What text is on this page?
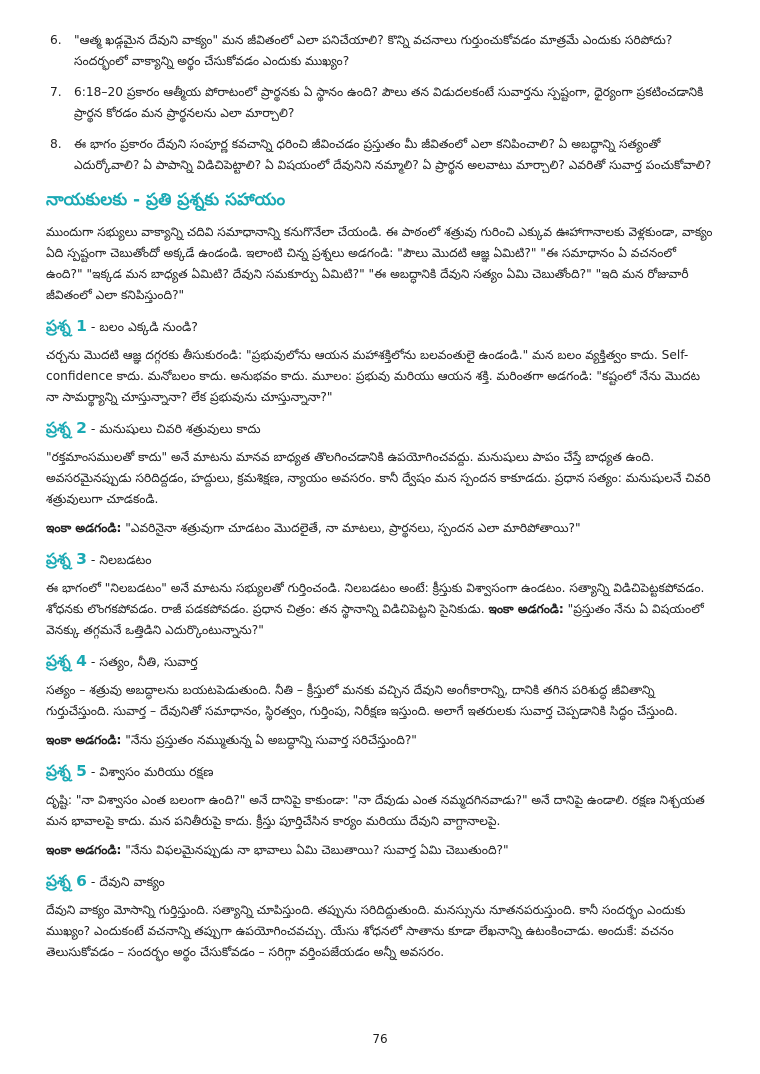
6. "ఆత్మ ఖడ్గమైన దేవుని వాక్యం" మన జీవితంలో ఎలా పనిచేయాలి? కొన్ని వచనాలు గుర్తుంచుకోవడం మాత్రమే ఎందుకు సరిపోదు? సందర్భంలో వాక్యాన్ని అర్థం చేసుకోవడం ఎందుకు ముఖ్యం?
7. 6:18–20 ప్రకారం ఆత్మీయ పోరాటంలో ప్రార్థనకు ఏ స్థానం ఉంది? పౌలు తన విడుదలకంటే సువార్తను స్పష్టంగా, ధైర్యంగా ప్రకటించడానికి ప్రార్థన కోరడం మన ప్రార్థనలను ఎలా మార్చాలి?
8. ఈ భాగం ప్రకారం దేవుని సంపూర్ణ కవచాన్ని ధరించి జీవించడం ప్రస్తుతం మీ జీవితంలో ఎలా కనిపించాలి? ఏ అబద్ధాన్ని సత్యంతో ఎదుర్కోవాలి? ఏ పాపాన్ని విడిచిపెట్టాలి? ఏ విషయంలో దేవునిని నమ్మాలి? ఏ ప్రార్థన అలవాటు మార్చాలి? ఎవరితో సువార్త పంచుకోవాలి?
నాయకులకు - ప్రతి ప్రశ్నకు సహాయం

ముందుగా సభ్యులు వాక్యాన్ని చదివి సమాధానాన్ని కనుగొనేలా చేయండి. ఈ పాఠంలో శత్రువు గురించి ఎక్కువ ఊహాగానాలకు వెళ్లకుండా, వాక్యం ఏది స్పష్టంగా చెబుతోందో అక్కడే ఉండండి. ఇలాంటి చిన్న ప్రశ్నలు అడగండి: "పౌలు మొదటి ఆజ్ఞ ఏమిటి?" "ఈ సమాధానం ఏ వచనంలో ఉంది?" "ఇక్కడ మన బాధ్యత ఏమిటి? దేవుని సమకూర్పు ఏమిటి?" "ఈ అబద్ధానికి దేవుని సత్యం ఏమి చెబుతోంది?" "ఇది మన రోజువారీ జీవితంలో ఎలా కనిపిస్తుంది?"

ప్రశ్న 1 - బలం ఎక్కడి నుండి?

చర్చను మొదటి ఆజ్ఞ దగ్గరకు తీసుకురండి: "ప్రభువులోను ఆయన మహాశక్తిలోను బలవంతులై ఉండండి." మన బలం వ్యక్తిత్వం కాదు. Self-confidence కాదు. మనోబలం కాదు. అనుభవం కాదు. మూలం: ప్రభువు మరియు ఆయన శక్తి. మరింతగా అడగండి: "కష్టంలో నేను మొదట నా సామర్థ్యాన్ని చూస్తున్నానా? లేక ప్రభువును చూస్తున్నానా?"

ప్రశ్న 2 - మనుషులు చివరి శత్రువులు కాదు

"రక్తమాంసములతో కాదు" అనే మాటను మానవ బాధ్యత తొలగించడానికి ఉపయోగించవద్దు. మనుషులు పాపం చేస్తే బాధ్యత ఉంది. అవసరమైనప్పుడు సరిదిద్దడం, హద్దులు, క్రమశిక్షణ, న్యాయం అవసరం. కానీ ద్వేషం మన స్పందన కాకూడదు. ప్రధాన సత్యం: మనుషులనే చివరి శత్రువులుగా చూడకండి.

ఇంకా అడగండి: "ఎవరినైనా శత్రువుగా చూడటం మొదలైతే, నా మాటలు, ప్రార్థనలు, స్పందన ఎలా మారిపోతాయి?"

ప్రశ్న 3 - నిలబడటం

ఈ భాగంలో "నిలబడటం" అనే మాటను సభ్యులతో గుర్తించండి. నిలబడటం అంటే: క్రీస్తుకు విశ్వాసంగా ఉండటం. సత్యాన్ని విడిచిపెట్టకపోవడం. శోధనకు లొంగకపోవడం. రాజీ పడకపోవడం. ప్రధాన చిత్రం: తన స్థానాన్ని విడిచిపెట్టని సైనికుడు. ఇంకా అడగండి: "ప్రస్తుతం నేను ఏ విషయంలో వెనక్కు తగ్గమనే ఒత్తిడిని ఎదుర్కొంటున్నాను?"

ప్రశ్న 4 - సత్యం, నీతి, సువార్త

సత్యం – శత్రువు అబద్ధాలను బయటపెడుతుంది. నీతి – క్రీస్తులో మనకు వచ్చిన దేవుని అంగీకారాన్ని, దానికి తగిన పరిశుద్ధ జీవితాన్ని గుర్తుచేస్తుంది. సువార్త – దేవునితో సమాధానం, స్థిరత్వం, గుర్తింపు, నిరీక్షణ ఇస్తుంది. అలాగే ఇతరులకు సువార్త చెప్పడానికి సిద్ధం చేస్తుంది.

ఇంకా అడగండి: "నేను ప్రస్తుతం నమ్ముతున్న ఏ అబద్ధాన్ని సువార్త సరిచేస్తుంది?"

ప్రశ్న 5 - విశ్వాసం మరియు రక్షణ

దృష్టి: "నా విశ్వాసం ఎంత బలంగా ఉంది?" అనే దానిపై కాకుండా: "నా దేవుడు ఎంత నమ్మదగినవాడు?" అనే దానిపై ఉండాలి. రక్షణ నిశ్చయత మన భావాలపై కాదు. మన పనితీరుపై కాదు. క్రీస్తు పూర్తిచేసిన కార్యం మరియు దేవుని వాగ్దానాలపై.

ఇంకా అడగండి: "నేను విఫలమైనప్పుడు నా భావాలు ఏమి చెబుతాయి? సువార్త ఏమి చెబుతుంది?"

ప్రశ్న 6 - దేవుని వాక్యం

దేవుని వాక్యం మోసాన్ని గుర్తిస్తుంది. సత్యాన్ని చూపిస్తుంది. తప్పును సరిదిద్దుతుంది. మనస్సును నూతనపరుస్తుంది. కానీ సందర్భం ఎందుకు ముఖ్యం? ఎందుకంటే వచనాన్ని తప్పుగా ఉపయోగించవచ్చు. యేసు శోధనలో సాతాను కూడా లేఖనాన్ని ఉటంకించాడు. అందుకే: వచనం తెలుసుకోవడం – సందర్భం అర్థం చేసుకోవడం – సరిగ్గా వర్తింపజేయడం అన్నీ అవసరం.

76
